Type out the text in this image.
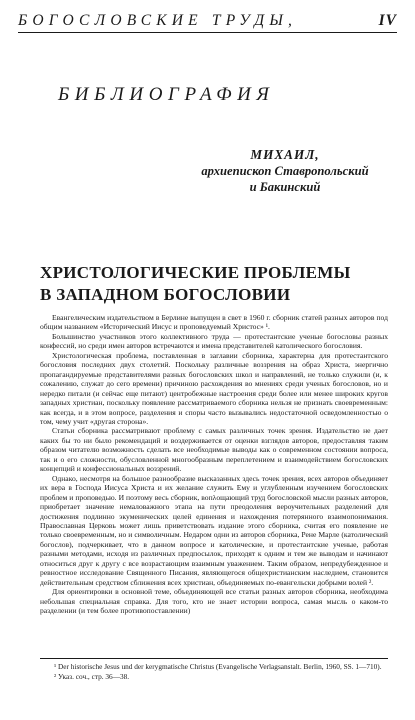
БОГОСЛОВСКИЕ ТРУДЫ,	IV
БИБЛИОГРАФИЯ
МИХАИЛ,
архиепископ Ставропольский
и Бакинский
ХРИСТОЛОГИЧЕСКИЕ ПРОБЛЕМЫ
В ЗАПАДНОМ БОГОСЛОВИИ

Евангелическим издательством в Берлине выпущен в свет в 1960 г. сборник статей разных авторов под общим названием «Исторический Иисус и проповедуемый Христос» ¹.

Большинство участников этого коллективного труда — протестантские ученые богословы разных конфессий, но среди имен авторов встречаются и имена представителей католического богословия.

Христологическая проблема, поставленная в заглавии сборника, характерна для протестантского богословия последних двух столетий. Поскольку различные воззрения на образ Христа, энергично пропагандируемые представителями разных богословских школ и направлений, не только служили (и, к сожалению, служат до сего времени) причиною расхождения во мнениях среди ученых богословов, но и нередко питали (и сейчас еще питают) центробежные настроения среди более или менее широких кругов западных христиан, поскольку появление рассматриваемого сборника нельзя не признать своевременным: как всегда, и в этом вопросе, разделения и споры часто вызывались недостаточной осведомленностью о том, чему учит «другая сторона».

Статьи сборника рассматривают проблему с самых различных точек зрения. Издательство не дает каких бы то ни было рекомендаций и воздерживается от оценки взглядов авторов, предоставляя таким образом читателю возможность сделать все необходимые выводы как о современном состоянии вопроса, так и о его сложности, обусловленной многообразным переплетением и взаимодействием богословских концепций и конфессиональных воззрений.

Однако, несмотря на большое разнообразие высказанных здесь точек зрения, всех авторов объединяет их вера в Господа Иисуса Христа и их желание служить Ему и углубленным изучением богословских проблем и проповедью. И поэтому весь сборник, вопλощающий труд богословской мысли разных авторов, приобретает значение немаловажного этапа на пути преодоления вероучительных разделений для достижения подлинно экуменических целей единения и нахождения потерянного взаимопонимания. Православная Церковь может лишь приветствовать издание этого сборника, считая его появление не только своевременным, но и символичным. Недаром одни из авторов сборника, Рене Марле (католический богослов), подчеркивает, что в данном вопросе и католические, и протестантские ученые, работая разными методами, исходя из различных предпосылок, приходят к одним и тем же выводам и начинают относиться друг к другу с все возрастающим взаимным уважением. Таким образом, непредубежденное и ревностное исследование Священного Писания, являющегося общехристианским наследием, становится действительным средством сближения всех христиан, объединяемых по-евангельски добрыми волей ².

Для ориентировки в основной теме, объединяющей все статьи разных авторов сборника, необходима небольшая специальная справка. Для того, кто не знает истории вопроса, самая мысль о каком-то разделении (и тем более противопоставлении)

¹ Der historische Jesus und der kerygmatische Christus (Evangelische Verlagsanstalt. Berlin, 1960, SS. 1—710).

² Указ. соч., стр. 36—38.
